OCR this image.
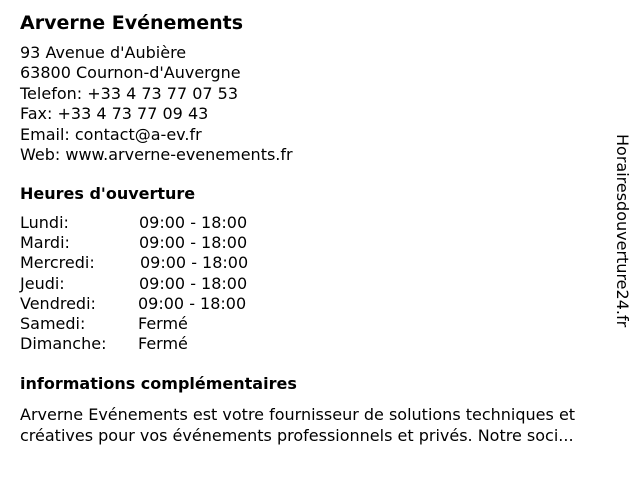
Arverne Evénements
93 Avenue d'Aubière
63800 Cournon-d'Auvergne
Telefon: +33 4 73 77 07 53
Fax: +33 4 73 77 09 43
Email: contact@a-ev.fr
Web: www.arverne-evenements.fr
Heures d'ouverture
Lundi:	09:00 - 18:00
Mardi:	09:00 - 18:00
Mercredi:	09:00 - 18:00
Jeudi:	09:00 - 18:00
Vendredi:	09:00 - 18:00
Samedi:	Fermé
Dimanche: Fermé
informations complémentaires
Arverne Evénements est votre fournisseur de solutions techniques et
créatives pour vos événements professionnels et privés. Notre soci...
Horairesdouverture24.fr
